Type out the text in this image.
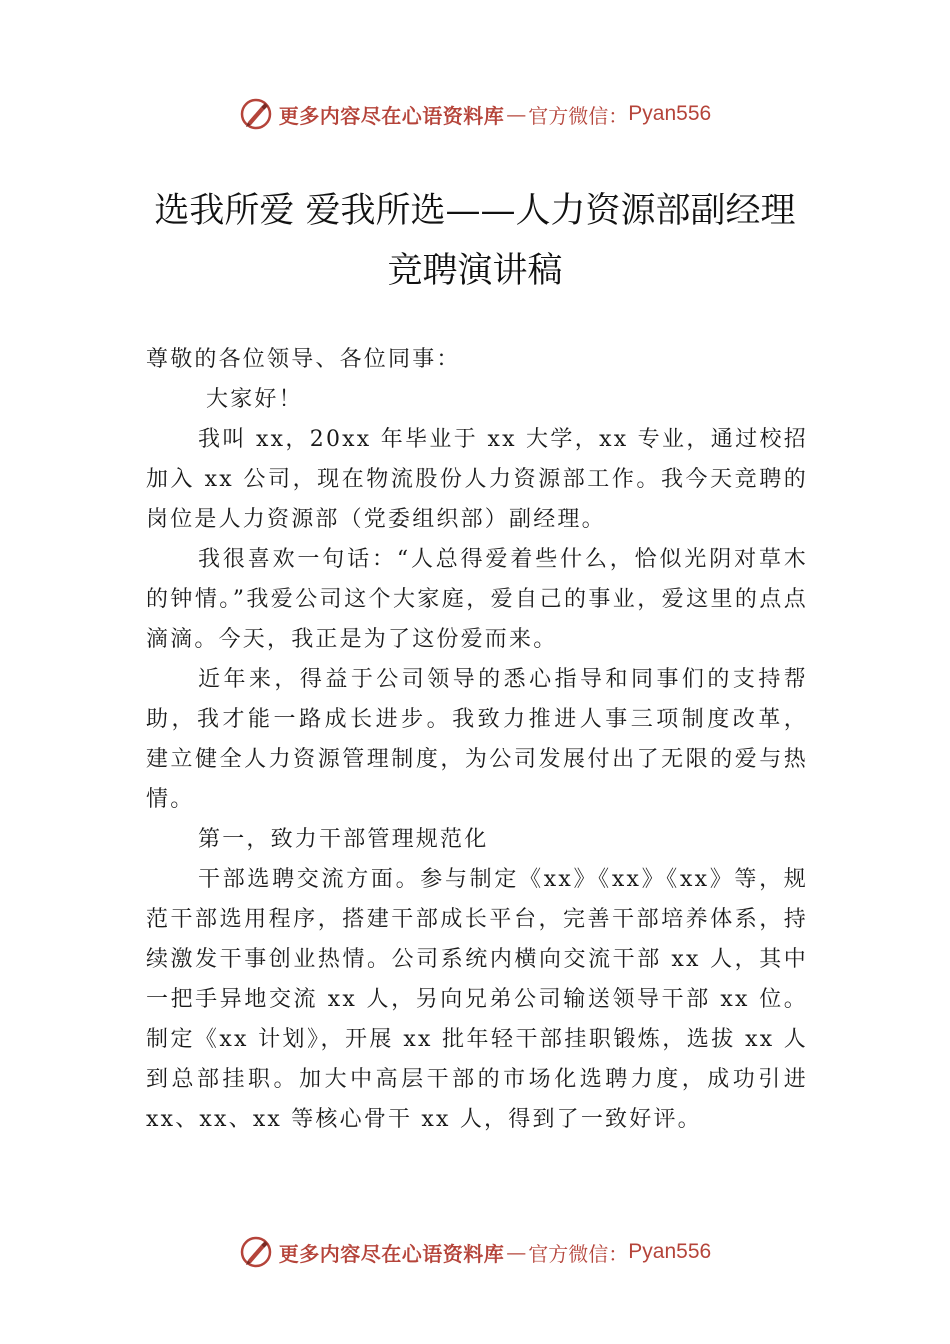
更多内容尽在心语资料库 — 官方微信： Pyan556
选我所爱 爱我所选——人力资源部副经理
竞聘演讲稿

尊敬的各位领导、各位同事：

大家好！

我叫 xx，20xx 年毕业于 xx 大学，xx 专业，通过校招加入 xx 公司，现在物流股份人力资源部工作。我今天竞聘的岗位是人力资源部（党委组织部）副经理。

我很喜欢一句话：“人总得爱着些什么，恰似光阴对草木的钟情。”我爱公司这个大家庭，爱自己的事业，爱这里的点点滴滴。今天，我正是为了这份爱而来。

近年来，得益于公司领导的悉心指导和同事们的支持帮助，我才能一路成长进步。我致力推进人事三项制度改革， 建立健全人力资源管理制度，为公司发展付出了无限的爱与热情。

第一，致力干部管理规范化

干部选聘交流方面。参与制定《xx》《xx》《xx》等，规范干部选用程序，搭建干部成长平台，完善干部培养体系，持续激发干事创业热情。公司系统内横向交流干部 xx 人，其中一把手异地交流 xx 人，另向兄弟公司输送领导干部 xx 位。制定《xx 计划》，开展 xx 批年轻干部挂职锻炼，选拔 xx 人到总部挂职。加大中高层干部的市场化选聘力度，成功引进 xx、xx、xx 等核心骨干 xx 人，得到了一致好评。

更多内容尽在心语资料库 — 官方微信： Pyan556
